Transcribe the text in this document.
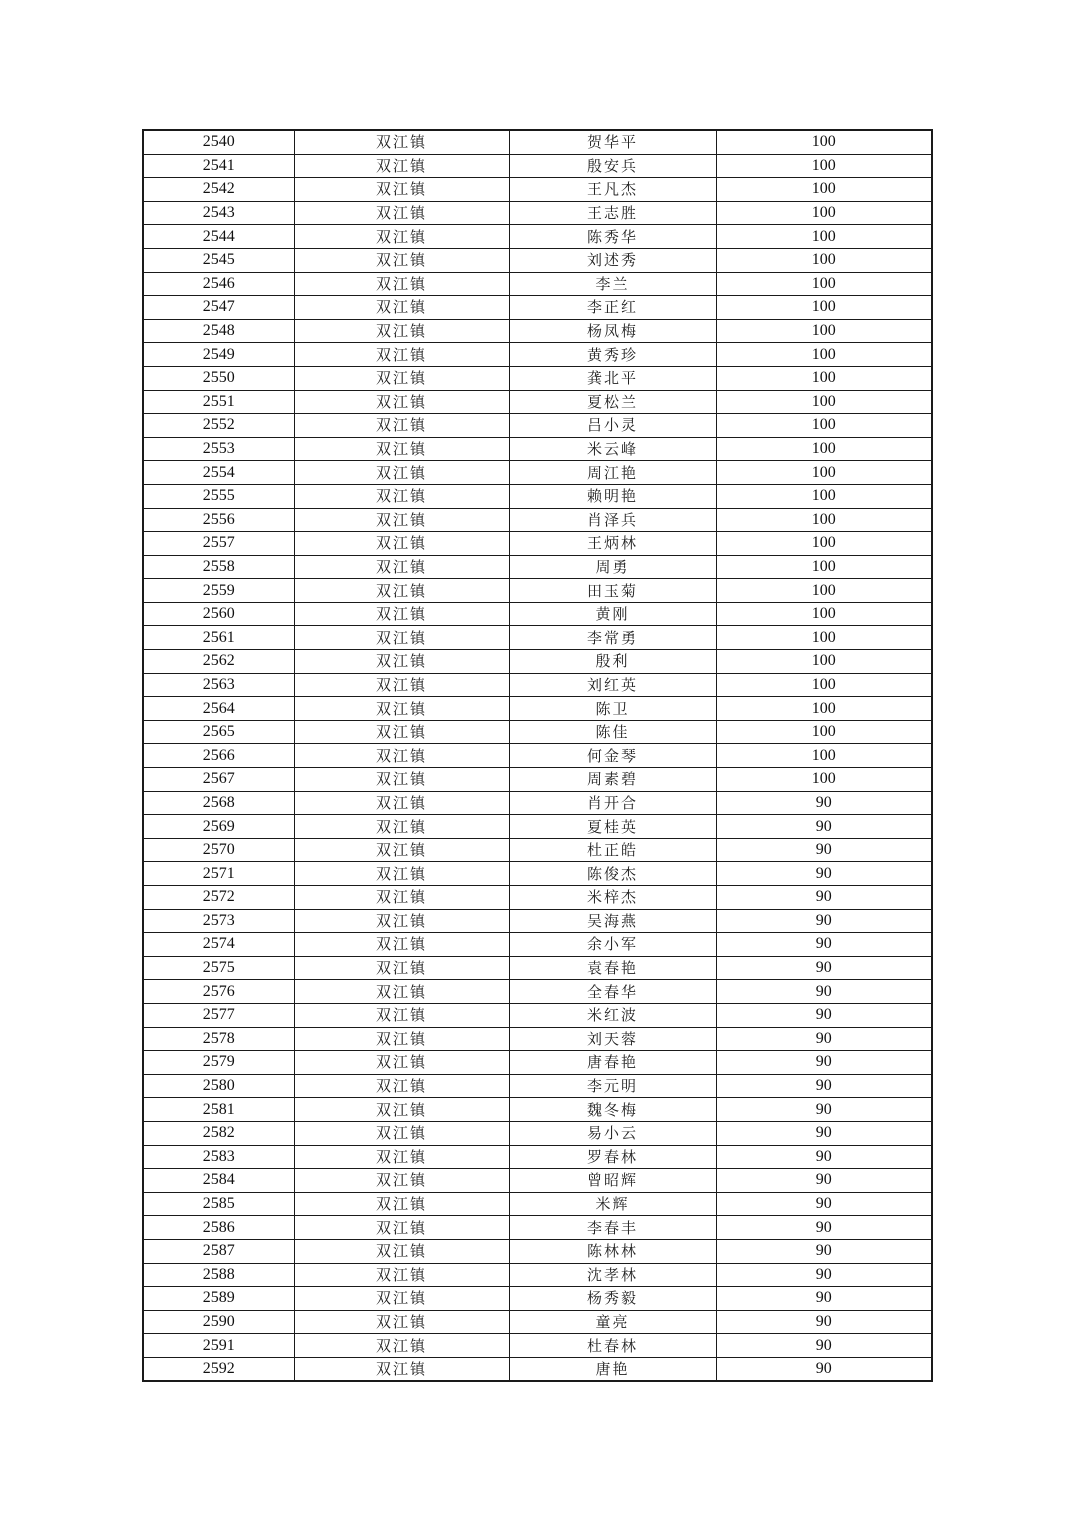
2540	双江镇	贺华平	100
2541	双江镇	殷安兵	100
2542	双江镇	王凡杰	100
2543	双江镇	王志胜	100
2544	双江镇	陈秀华	100
2545	双江镇	刘述秀	100
2546	双江镇	李兰	100
2547	双江镇	李正红	100
2548	双江镇	杨凤梅	100
2549	双江镇	黄秀珍	100
2550	双江镇	龚北平	100
2551	双江镇	夏松兰	100
2552	双江镇	吕小灵	100
2553	双江镇	米云峰	100
2554	双江镇	周江艳	100
2555	双江镇	赖明艳	100
2556	双江镇	肖泽兵	100
2557	双江镇	王炳林	100
2558	双江镇	周勇	100
2559	双江镇	田玉菊	100
2560	双江镇	黄刚	100
2561	双江镇	李常勇	100
2562	双江镇	殷利	100
2563	双江镇	刘红英	100
2564	双江镇	陈卫	100
2565	双江镇	陈佳	100
2566	双江镇	何金琴	100
2567	双江镇	周素碧	100
2568	双江镇	肖开合	90
2569	双江镇	夏桂英	90
2570	双江镇	杜正皓	90
2571	双江镇	陈俊杰	90
2572	双江镇	米梓杰	90
2573	双江镇	吴海燕	90
2574	双江镇	余小军	90
2575	双江镇	袁春艳	90
2576	双江镇	全春华	90
2577	双江镇	米红波	90
2578	双江镇	刘天蓉	90
2579	双江镇	唐春艳	90
2580	双江镇	李元明	90
2581	双江镇	魏冬梅	90
2582	双江镇	易小云	90
2583	双江镇	罗春林	90
2584	双江镇	曾昭辉	90
2585	双江镇	米辉	90
2586	双江镇	李春丰	90
2587	双江镇	陈林林	90
2588	双江镇	沈孝林	90
2589	双江镇	杨秀毅	90
2590	双江镇	童亮	90
2591	双江镇	杜春林	90
2592	双江镇	唐艳	90
